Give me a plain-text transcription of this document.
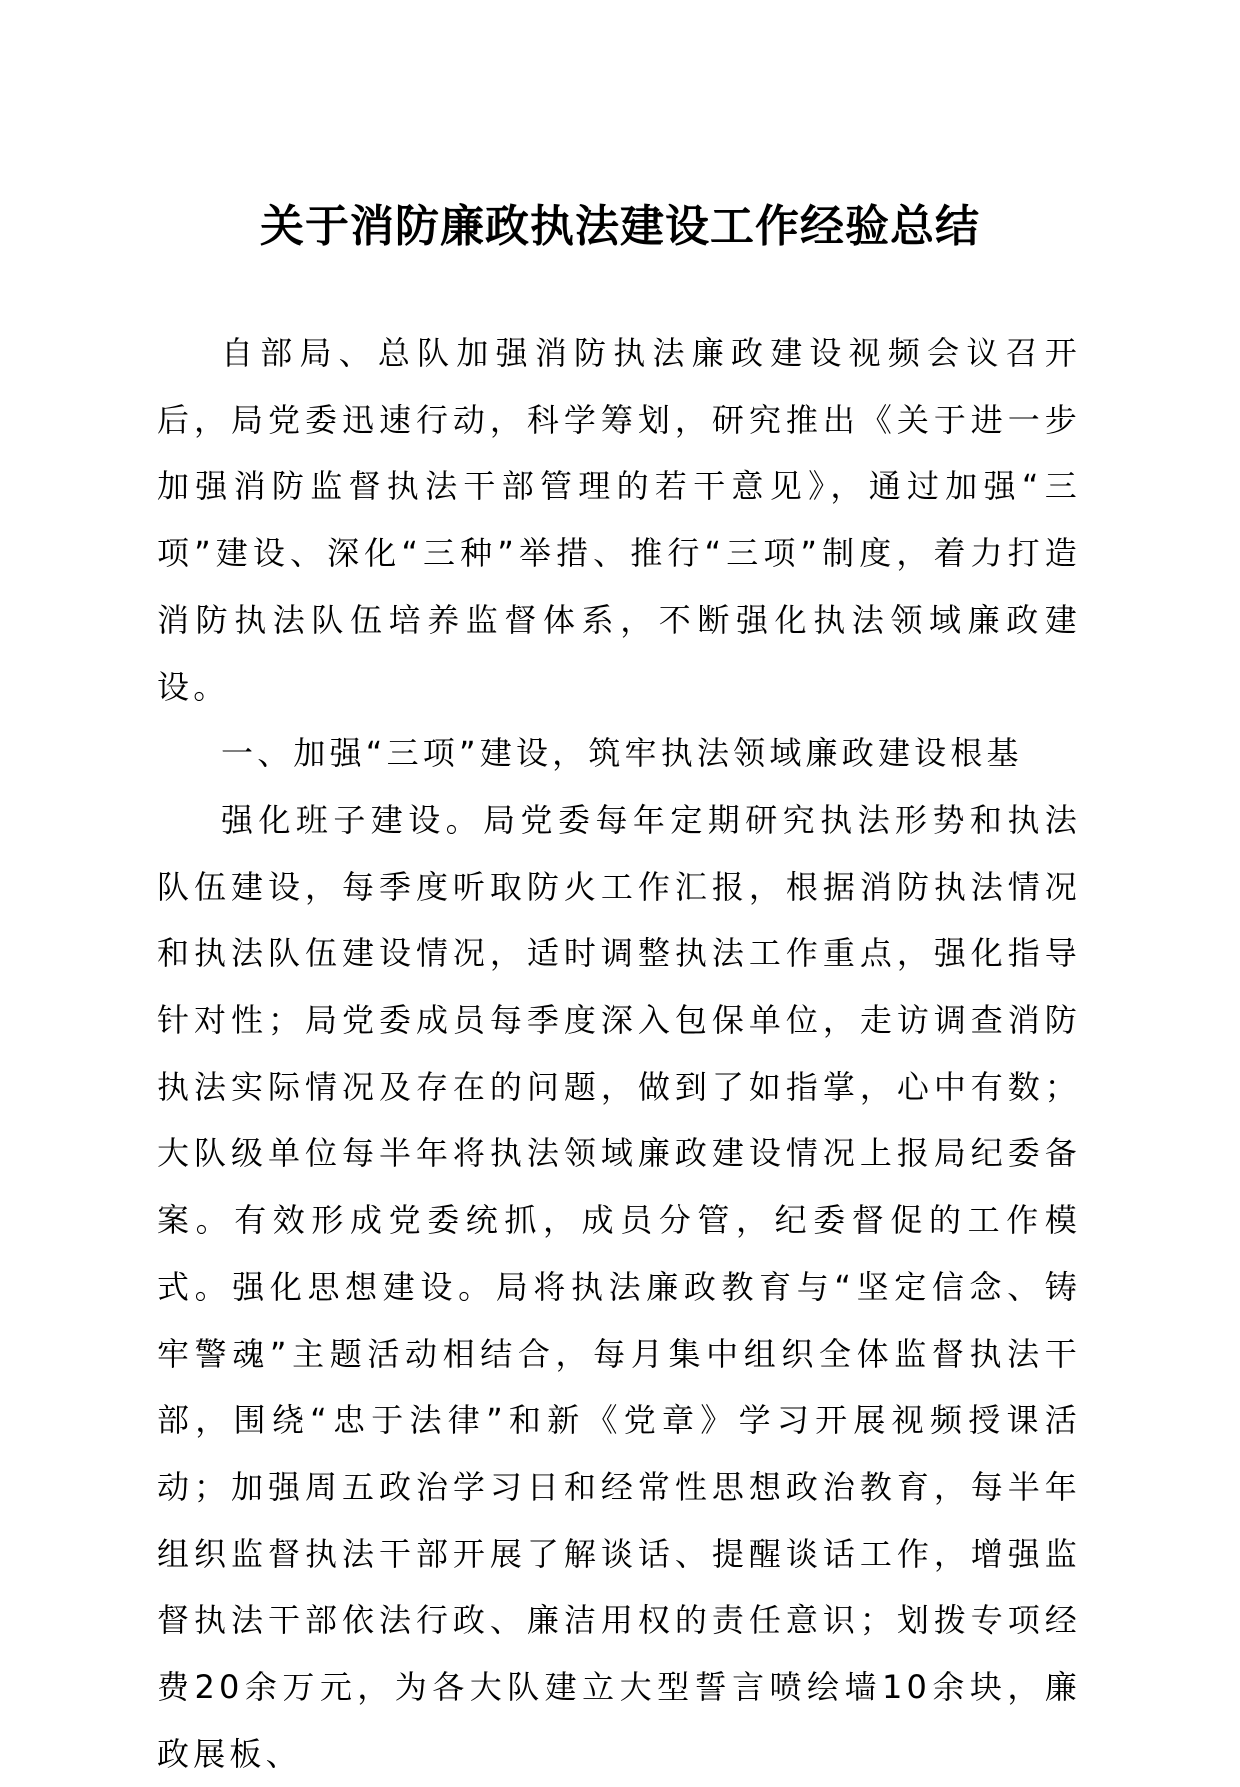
关于消防廉政执法建设工作经验总结

自部局、总队加强消防执法廉政建设视频会议召开后，局党委迅速行动，科学筹划，研究推出《关于进一步加强消防监督执法干部管理的若干意见》，通过加强“三项”建设、深化“三种”举措、推行“三项”制度，着力打造消防执法队伍培养监督体系，不断强化执法领域廉政建设。

一、加强“三项”建设，筑牢执法领域廉政建设根基

强化班子建设。局党委每年定期研究执法形势和执法队伍建设，每季度听取防火工作汇报，根据消防执法情况和执法队伍建设情况，适时调整执法工作重点，强化指导针对性；局党委成员每季度深入包保单位，走访调查消防执法实际情况及存在的问题，做到了如指掌，心中有数；大队级单位每半年将执法领域廉政建设情况上报局纪委备案。有效形成党委统抓，成员分管，纪委督促的工作模式。强化思想建设。局将执法廉政教育与“坚定信念、铸牢警魂”主题活动相结合，每月集中组织全体监督执法干部，围绕“忠于法律”和新《党章》学习开展视频授课活动；加强周五政治学习日和经常性思想政治教育，每半年组织监督执法干部开展了解谈话、提醒谈话工作，增强监督执法干部依法行政、廉洁用权的责任意识；划拨专项经费20余万元，为各大队建立大型誓言喷绘墙10余块，廉政展板、
